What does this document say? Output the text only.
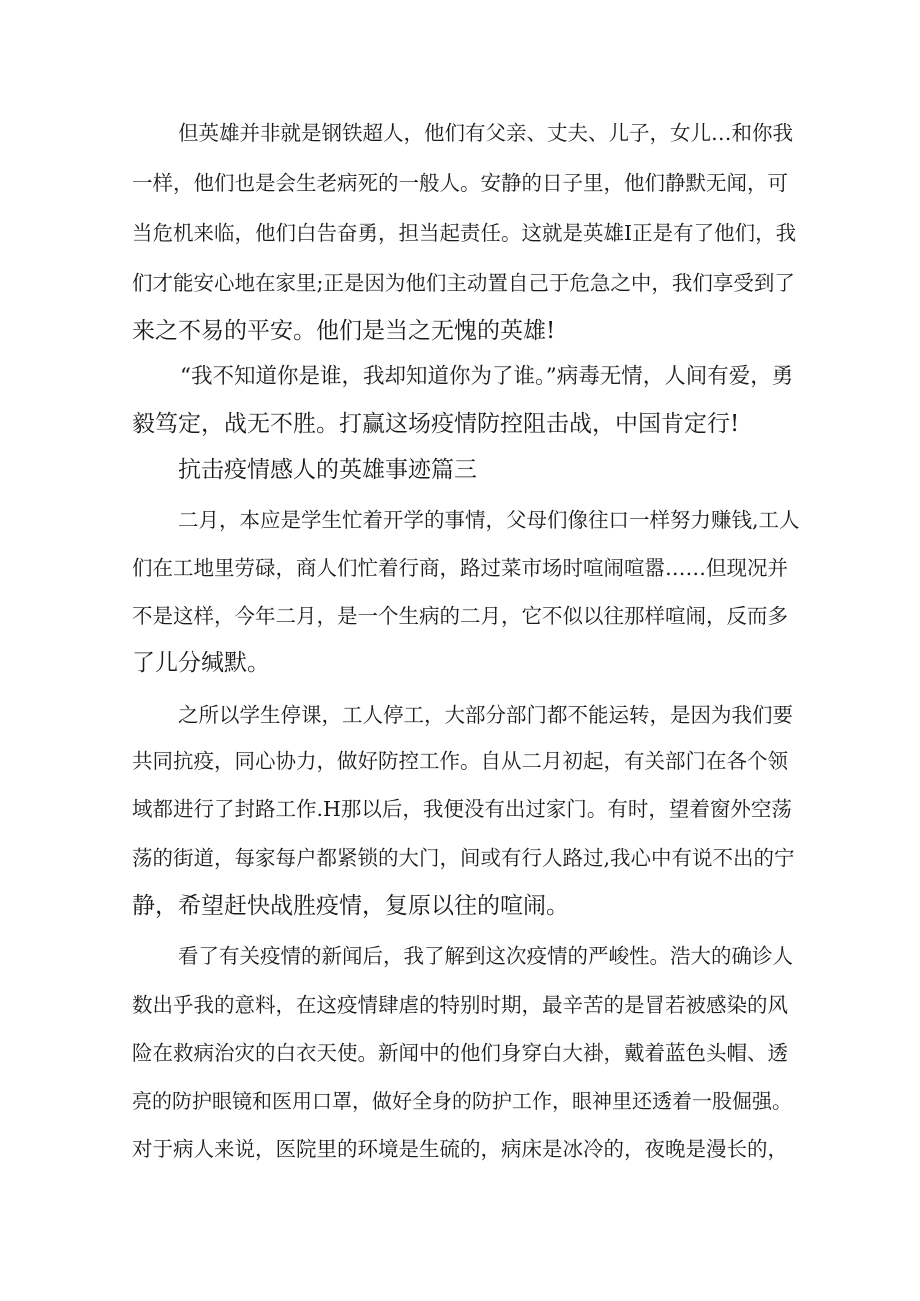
但英雄并非就是钢铁超人，他们有父亲、丈夫、儿子，女儿…和你我
一样，他们也是会生老病死的一般人。安静的日子里，他们静默无闻，可
当危机来临，他们白告奋勇，担当起责任。这就是英雄I正是有了他们，我
们才能安心地在家里;正是因为他们主动置自己于危急之中，我们享受到了
来之不易的平安。他们是当之无愧的英雄!
“我不知道你是谁，我却知道你为了谁。”病毒无情，人间有爱，勇
毅笃定，战无不胜。打赢这场疫情防控阻击战，中国肯定行!
抗击疫情感人的英雄事迹篇三
二月，本应是学生忙着开学的事情，父母们像往口一样努力赚钱,工人
们在工地里劳碌，商人们忙着行商，路过菜市场时喧闹喧嚣……但现况并
不是这样，今年二月，是一个生病的二月，它不似以往那样喧闹，反而多
了儿分缄默。
之所以学生停课，工人停工，大部分部门都不能运转，是因为我们要
共同抗疫，同心协力，做好防控工作。自从二月初起，有关部门在各个领
域都进行了封路工作.H那以后，我便没有出过家门。有时，望着窗外空荡
荡的街道，每家每户都紧锁的大门，间或有行人路过,我心中有说不出的宁
静，希望赶快战胜疫情，复原以往的喧闹。
看了有关疫情的新闻后，我了解到这次疫情的严峻性。浩大的确诊人
数出乎我的意料，在这疫情肆虐的特别时期，最辛苦的是冒若被感染的风
险在救病治灾的白衣天使。新闻中的他们身穿白大褂，戴着蓝色头帽、透
亮的防护眼镜和医用口罩，做好全身的防护工作，眼神里还透着一股倔强。
对于病人来说，医院里的环境是生硫的，病床是冰冷的，夜晚是漫长的，
